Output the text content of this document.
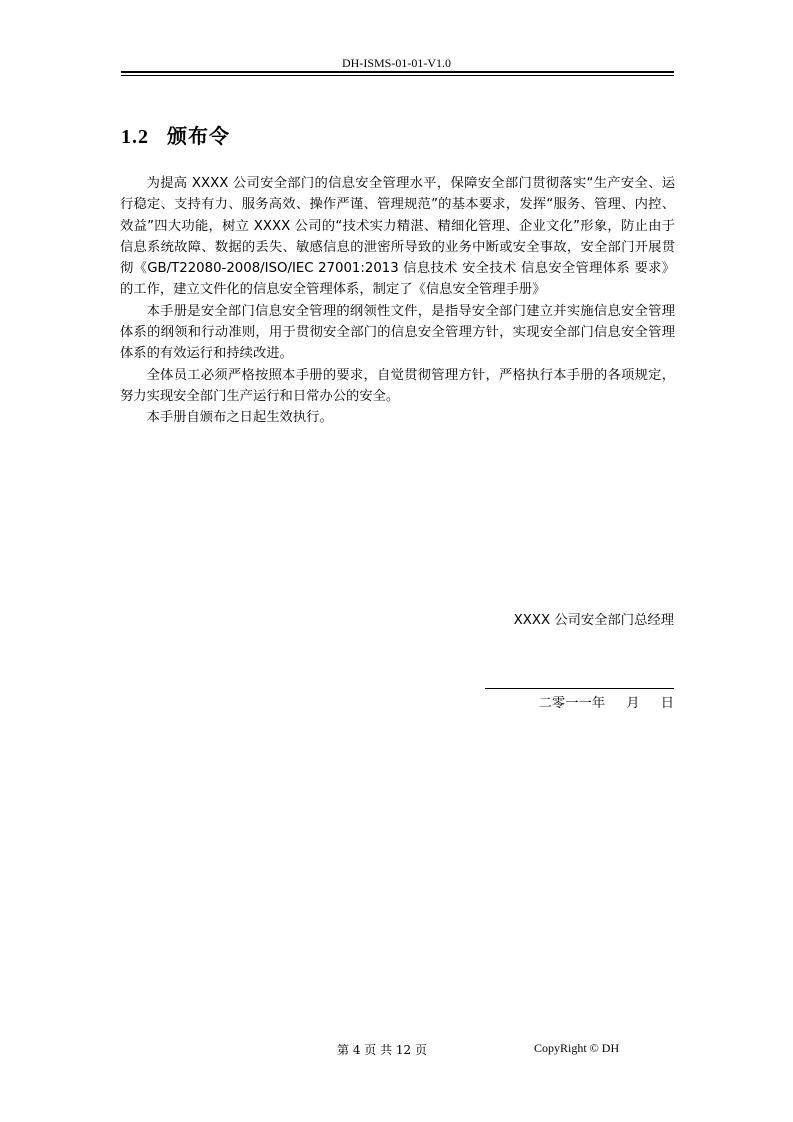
DH-ISMS-01-01-V1.0
1.2 颁布令

为提高 XXXX 公司安全部门的信息安全管理水平，保障安全部门贯彻落实“生产安全、运行稳定、支持有力、服务高效、操作严谨、管理规范”的基本要求，发挥“服务、管理、内控、效益”四大功能，树立 XXXX 公司的“技术实力精湛、精细化管理、企业文化”形象，防止由于信息系统故障、数据的丢失、敏感信息的泄密所导致的业务中断或安全事故，安全部门开展贯彻《GB/T22080-2008/ISO/IEC 27001:2013 信息技术 安全技术 信息安全管理体系 要求》的工作，建立文件化的信息安全管理体系，制定了《信息安全管理手册》

本手册是安全部门信息安全管理的纲领性文件，是指导安全部门建立并实施信息安全管理体系的纲领和行动准则，用于贯彻安全部门的信息安全管理方针，实现安全部门信息安全管理体系的有效运行和持续改进。

全体员工必须严格按照本手册的要求，自觉贯彻管理方针，严格执行本手册的各项规定，努力实现安全部门生产运行和日常办公的安全。

本手册自颁布之日起生效执行。

XXXX 公司安全部门总经理
二零一一年     月     日
第 4 页 共 12 页	CopyRight © DH
